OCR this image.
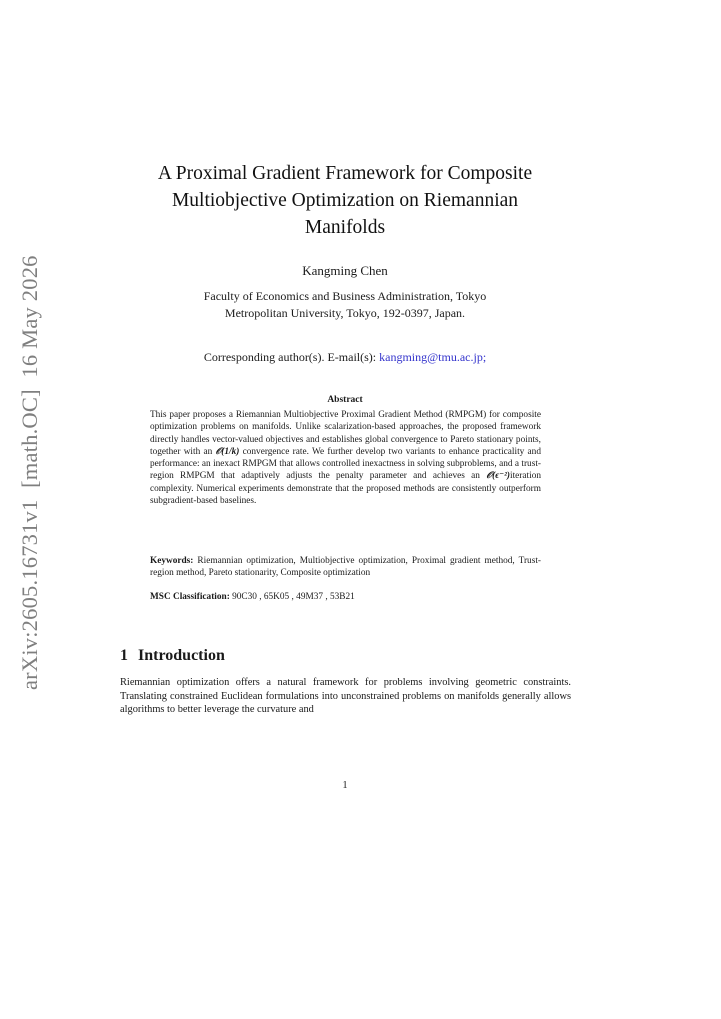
arXiv:2605.16731v1  [math.OC]  16 May 2026
A Proximal Gradient Framework for Composite
Multiobjective Optimization on Riemannian
Manifolds
Kangming Chen
Faculty of Economics and Business Administration, Tokyo
Metropolitan University, Tokyo, 192-0397, Japan.
Corresponding author(s). E-mail(s): kangming@tmu.ac.jp;
Abstract
This paper proposes a Riemannian Multiobjective Proximal Gradient Method (RMPGM) for composite optimization problems on manifolds. Unlike scalarization-based approaches, the proposed framework directly handles vector-valued objectives and establishes global convergence to Pareto stationary points, together with an 𝒪(1/k) convergence rate. We further develop two variants to enhance practicality and performance: an inexact RMPGM that allows controlled inexactness in solving subproblems, and a trust-region RMPGM that adaptively adjusts the penalty parameter and achieves an 𝒪(ϵ⁻²)iteration complexity. Numerical experiments demonstrate that the proposed methods are consistently outperform subgradient-based baselines.
Keywords: Riemannian optimization, Multiobjective optimization, Proximal gradient method, Trust-region method, Pareto stationarity, Composite optimization
MSC Classification: 90C30 , 65K05 , 49M37 , 53B21
1 Introduction
Riemannian optimization offers a natural framework for problems involving geometric constraints. Translating constrained Euclidean formulations into unconstrained problems on manifolds generally allows algorithms to better leverage the curvature and
1
